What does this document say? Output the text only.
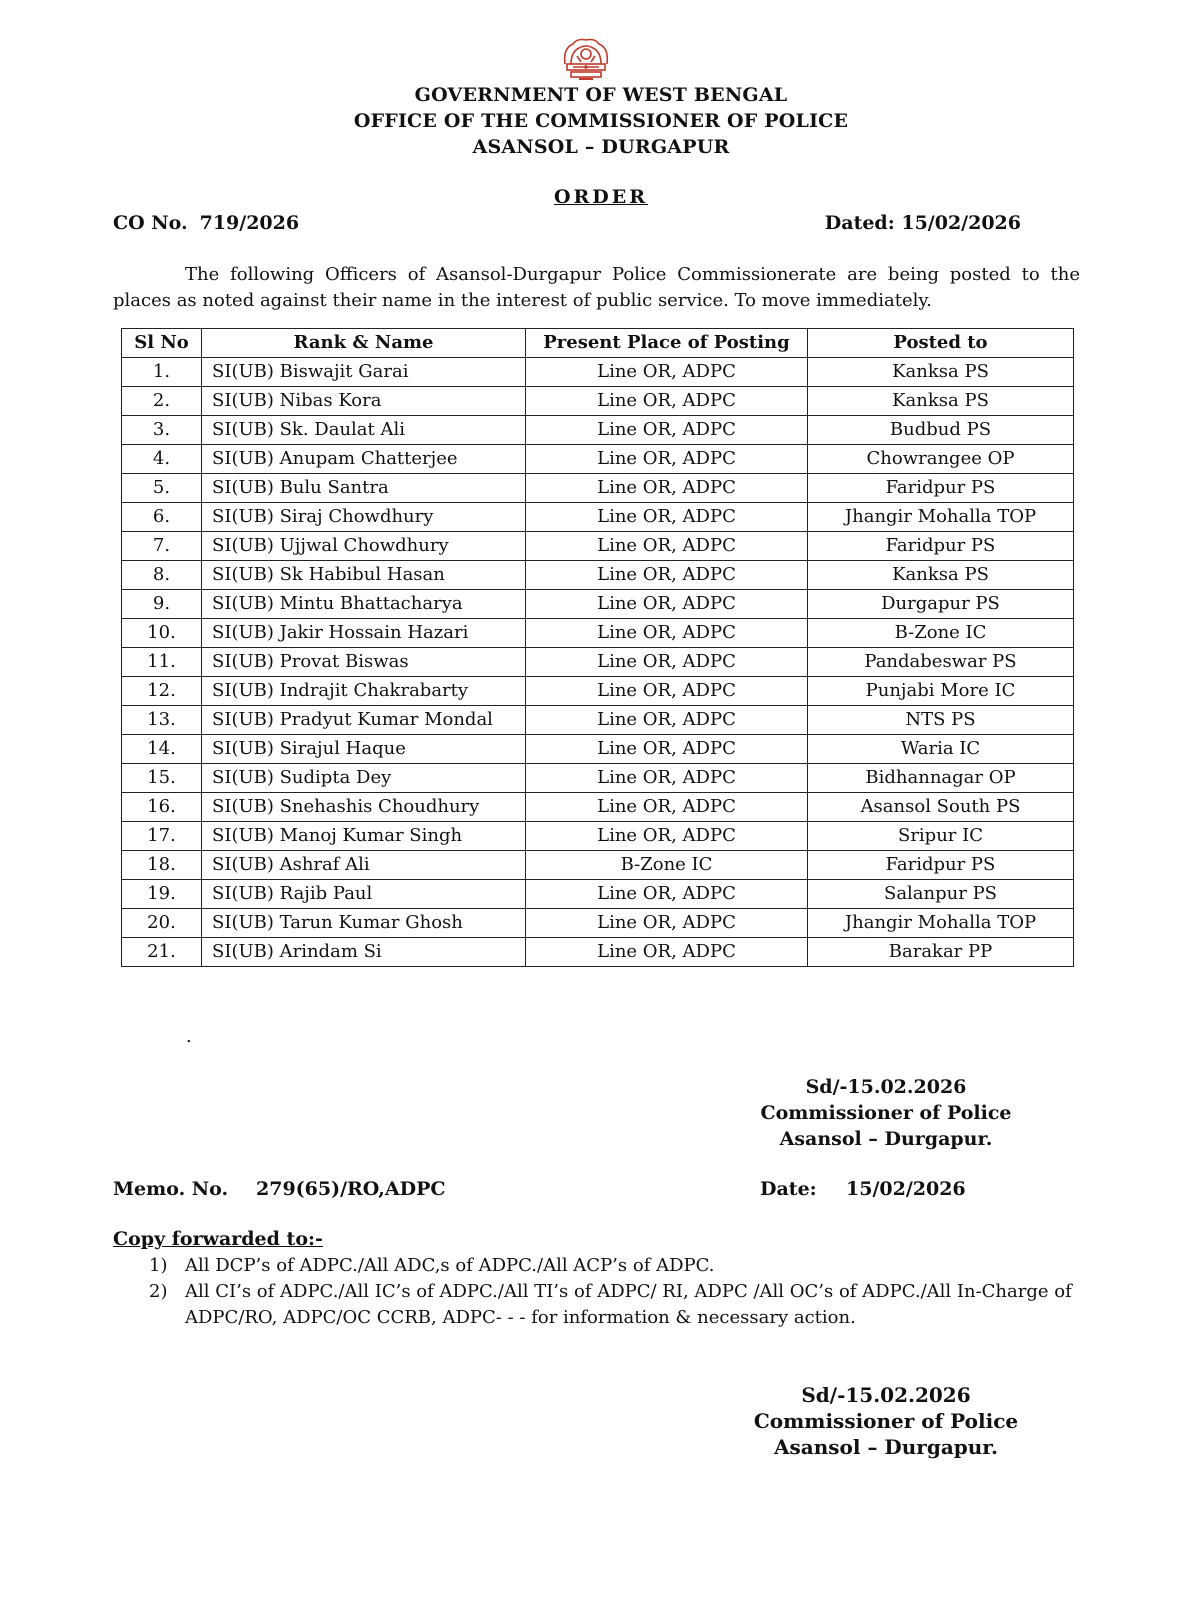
GOVERNMENT OF WEST BENGAL
OFFICE OF THE COMMISSIONER OF POLICE
ASANSOL – DURGAPUR
ORDER
CO No. 719/2026	Dated: 15/02/2026
The following Officers of Asansol-Durgapur Police Commissionerate are being posted to the places as noted against their name in the interest of public service. To move immediately.
Sl No	Rank & Name	Present Place of Posting	Posted to
1.	SI(UB) Biswajit Garai	Line OR, ADPC	Kanksa PS
2.	SI(UB) Nibas Kora	Line OR, ADPC	Kanksa PS
3.	SI(UB) Sk. Daulat Ali	Line OR, ADPC	Budbud PS
4.	SI(UB) Anupam Chatterjee	Line OR, ADPC	Chowrangee OP
5.	SI(UB) Bulu Santra	Line OR, ADPC	Faridpur PS
6.	SI(UB) Siraj Chowdhury	Line OR, ADPC	Jhangir Mohalla TOP
7.	SI(UB) Ujjwal Chowdhury	Line OR, ADPC	Faridpur PS
8.	SI(UB) Sk Habibul Hasan	Line OR, ADPC	Kanksa PS
9.	SI(UB) Mintu Bhattacharya	Line OR, ADPC	Durgapur PS
10.	SI(UB) Jakir Hossain Hazari	Line OR, ADPC	B-Zone IC
11.	SI(UB) Provat Biswas	Line OR, ADPC	Pandabeswar PS
12.	SI(UB) Indrajit Chakrabarty	Line OR, ADPC	Punjabi More IC
13.	SI(UB) Pradyut Kumar Mondal	Line OR, ADPC	NTS PS
14.	SI(UB) Sirajul Haque	Line OR, ADPC	Waria IC
15.	SI(UB) Sudipta Dey	Line OR, ADPC	Bidhannagar OP
16.	SI(UB) Snehashis Choudhury	Line OR, ADPC	Asansol South PS
17.	SI(UB) Manoj Kumar Singh	Line OR, ADPC	Sripur IC
18.	SI(UB) Ashraf Ali	B-Zone IC	Faridpur PS
19.	SI(UB) Rajib Paul	Line OR, ADPC	Salanpur PS
20.	SI(UB) Tarun Kumar Ghosh	Line OR, ADPC	Jhangir Mohalla TOP
21.	SI(UB) Arindam Si	Line OR, ADPC	Barakar PP
.
Sd/-15.02.2026
Commissioner of Police
Asansol – Durgapur.
Memo. No. 279(65)/RO,ADPC	Date: 15/02/2026
Copy forwarded to:-
1) All DCP’s of ADPC./All ADC,s of ADPC./All ACP’s of ADPC.
2) All CI’s of ADPC./All IC’s of ADPC./All TI’s of ADPC/ RI, ADPC /All OC’s of ADPC./All In-Charge of ADPC/RO, ADPC/OC CCRB, ADPC- - - for information & necessary action.
Sd/-15.02.2026
Commissioner of Police
Asansol – Durgapur.
